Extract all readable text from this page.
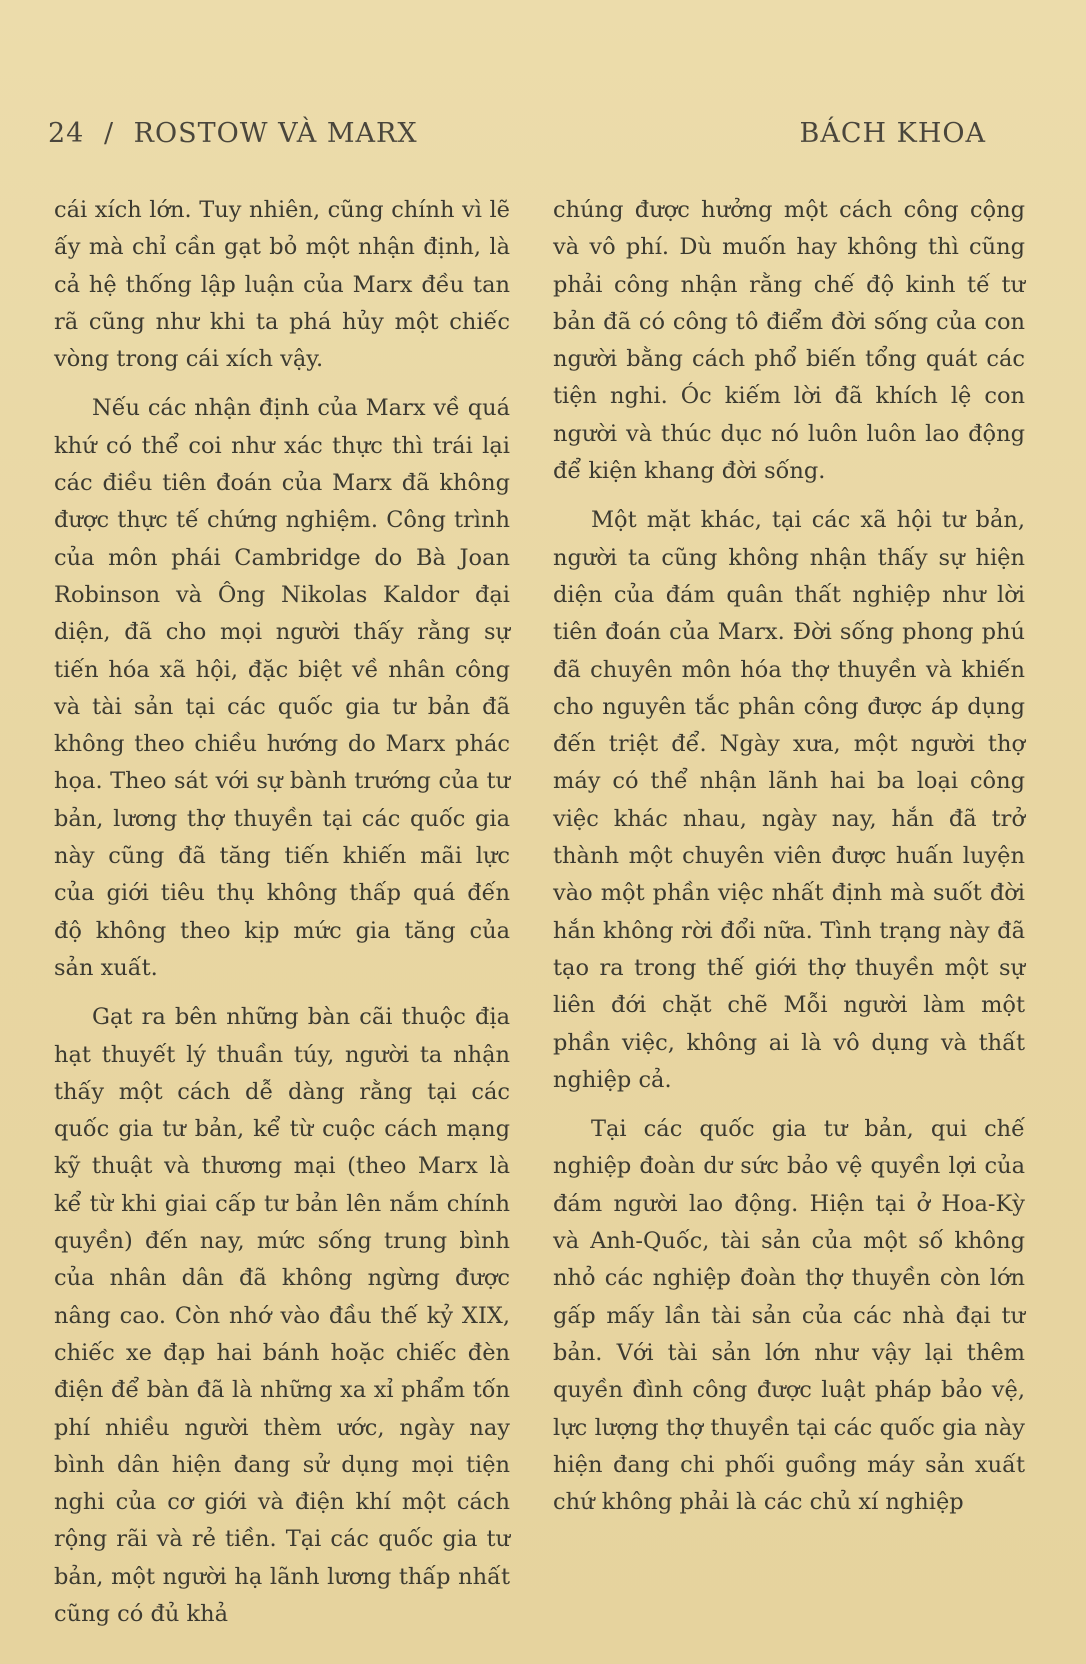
24 / ROSTOW VÀ MARX	BÁCH KHOA

cái xích lớn. Tuy nhiên, cũng chính vì lẽ ấy mà chỉ cần gạt bỏ một nhận định, là cả hệ thống lập luận của Marx đều tan rã cũng như khi ta phá hủy một chiếc vòng trong cái xích vậy.

Nếu các nhận định của Marx về quá khứ có thể coi như xác thực thì trái lại các điều tiên đoán của Marx đã không được thực tế chứng nghiệm. Công trình của môn phái Cambridge do Bà Joan Robinson và Ông Nikolas Kaldor đại diện, đã cho mọi người thấy rằng sự tiến hóa xã hội, đặc biệt về nhân công và tài sản tại các quốc gia tư bản đã không theo chiều hướng do Marx phác họa. Theo sát với sự bành trướng của tư bản, lương thợ thuyền tại các quốc gia này cũng đã tăng tiến khiến mãi lực của giới tiêu thụ không thấp quá đến độ không theo kịp mức gia tăng của sản xuất.

Gạt ra bên những bàn cãi thuộc địa hạt thuyết lý thuần túy, người ta nhận thấy một cách dễ dàng rằng tại các quốc gia tư bản, kể từ cuộc cách mạng kỹ thuật và thương mại (theo Marx là kể từ khi giai cấp tư bản lên nắm chính quyền) đến nay, mức sống trung bình của nhân dân đã không ngừng được nâng cao. Còn nhớ vào đầu thế kỷ XIX, chiếc xe đạp hai bánh hoặc chiếc đèn điện để bàn đã là những xa xỉ phẩm tốn phí nhiều người thèm ước, ngày nay bình dân hiện đang sử dụng mọi tiện nghi của cơ giới và điện khí một cách rộng rãi và rẻ tiền. Tại các quốc gia tư bản, một người hạ lãnh lương thấp nhất cũng có đủ khả

chúng được hưởng một cách công cộng và vô phí. Dù muốn hay không thì cũng phải công nhận rằng chế độ kinh tế tư bản đã có công tô điểm đời sống của con người bằng cách phổ biến tổng quát các tiện nghi. Óc kiếm lời đã khích lệ con người và thúc dục nó luôn luôn lao động để kiện khang đời sống.

Một mặt khác, tại các xã hội tư bản, người ta cũng không nhận thấy sự hiện diện của đám quân thất nghiệp như lời tiên đoán của Marx. Đời sống phong phú đã chuyên môn hóa thợ thuyền và khiến cho nguyên tắc phân công được áp dụng đến triệt để. Ngày xưa, một người thợ máy có thể nhận lãnh hai ba loại công việc khác nhau, ngày nay, hắn đã trở thành một chuyên viên được huấn luyện vào một phần việc nhất định mà suốt đời hắn không rời đổi nữa. Tình trạng này đã tạo ra trong thế giới thợ thuyền một sự liên đới chặt chẽ Mỗi người làm một phần việc, không ai là vô dụng và thất nghiệp cả.

Tại các quốc gia tư bản, qui chế nghiệp đoàn dư sức bảo vệ quyền lợi của đám người lao động. Hiện tại ở Hoa-Kỳ và Anh-Quốc, tài sản của một số không nhỏ các nghiệp đoàn thợ thuyền còn lớn gấp mấy lần tài sản của các nhà đại tư bản. Với tài sản lớn như vậy lại thêm quyền đình công được luật pháp bảo vệ, lực lượng thợ thuyền tại các quốc gia này hiện đang chi phối guồng máy sản xuất chứ không phải là các chủ xí nghiệp
